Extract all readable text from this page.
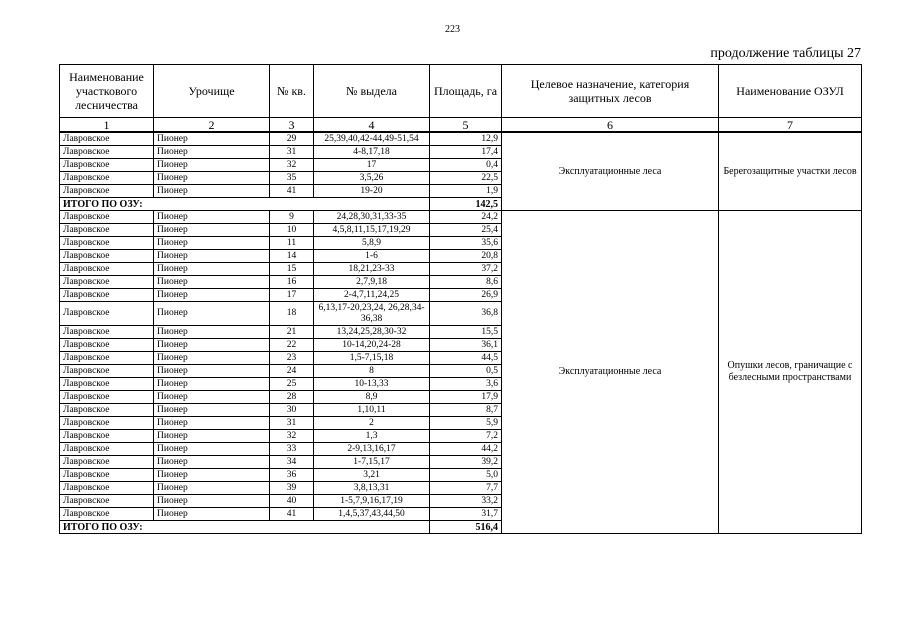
223
продолжение таблицы 27
Наименование участкового лесничества	Урочище	№ кв.	№ выдела	Площадь, га	Целевое назначение, категория защитных лесов	Наименование ОЗУЛ
1	2	3	4	5	6	7
Лавровское	Пионер	29	25,39,40,42-44,49-51,54	12,9	Эксплуатационные леса	Берегозащитные участки лесов
Лавровское	Пионер	31	4-8,17,18	17,4		
Лавровское	Пионер	32	17	0,4		
Лавровское	Пионер	35	3,5,26	22,5		
Лавровское	Пионер	41	19-20	1,9		
ИТОГО ПО ОЗУ:				142,5		
Лавровское	Пионер	9	24,28,30,31,33-35	24,2	Эксплуатационные леса	Опушки лесов, граничащие с безлесными пространствами
Лавровское	Пионер	10	4,5,8,11,15,17,19,29	25,4		
Лавровское	Пионер	11	5,8,9	35,6		
Лавровское	Пионер	14	1-6	20,8		
Лавровское	Пионер	15	18,21,23-33	37,2		
Лавровское	Пионер	16	2,7,9,18	8,6		
Лавровское	Пионер	17	2-4,7,11,24,25	26,9		
Лавровское	Пионер	18	6,13,17-20,23,24, 26,28,34-36,38	36,8		
Лавровское	Пионер	21	13,24,25,28,30-32	15,5		
Лавровское	Пионер	22	10-14,20,24-28	36,1		
Лавровское	Пионер	23	1,5-7,15,18	44,5		
Лавровское	Пионер	24	8	0,5		
Лавровское	Пионер	25	10-13,33	3,6		
Лавровское	Пионер	28	8,9	17,9		
Лавровское	Пионер	30	1,10,11	8,7		
Лавровское	Пионер	31	2	5,9		
Лавровское	Пионер	32	1,3	7,2		
Лавровское	Пионер	33	2-9,13,16,17	44,2		
Лавровское	Пионер	34	1-7,15,17	39,2		
Лавровское	Пионер	36	3,21	5,0		
Лавровское	Пионер	39	3,8,13,31	7,7		
Лавровское	Пионер	40	1-5,7,9,16,17,19	33,2		
Лавровское	Пионер	41	1,4,5,37,43,44,50	31,7		
ИТОГО ПО ОЗУ:				516,4		
